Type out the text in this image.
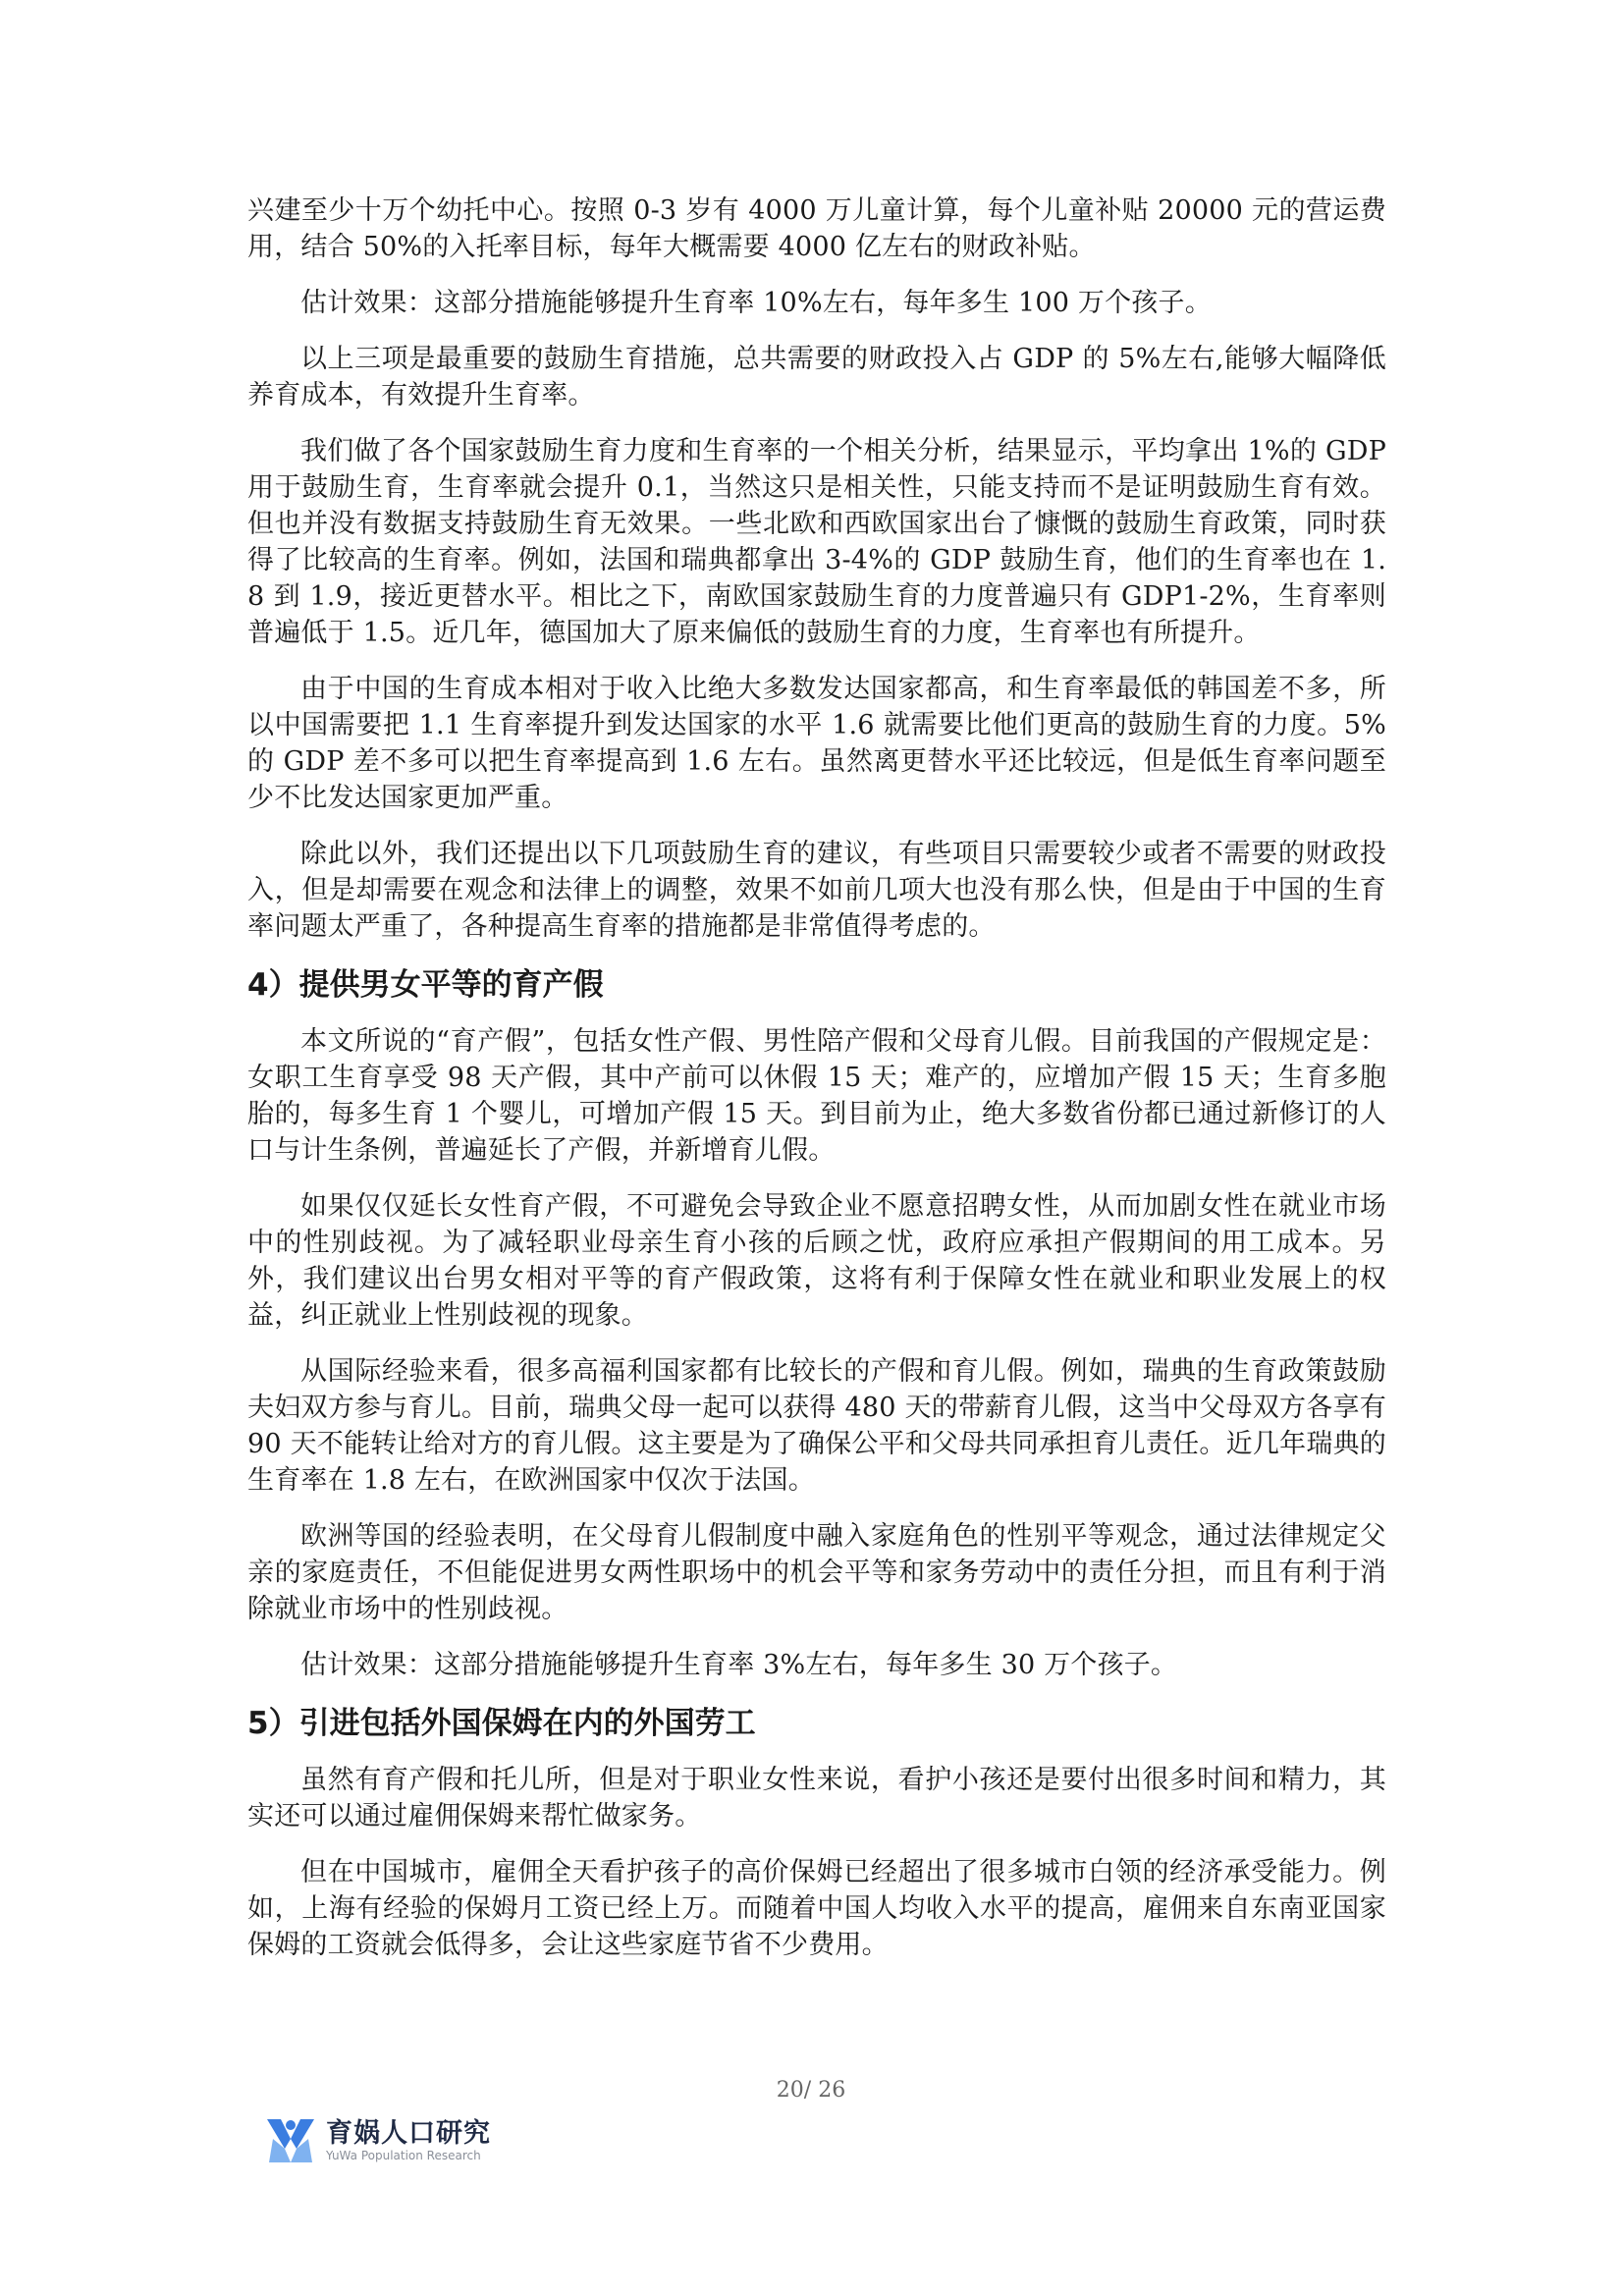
兴建至少十万个幼托中心。按照 0-3 岁有 4000 万儿童计算，每个儿童补贴 20000 元的营运费用，结合 50%的入托率目标，每年大概需要 4000 亿左右的财政补贴。

估计效果：这部分措施能够提升生育率 10%左右，每年多生 100 万个孩子。

以上三项是最重要的鼓励生育措施，总共需要的财政投入占 GDP 的 5%左右,能够大幅降低养育成本，有效提升生育率。

我们做了各个国家鼓励生育力度和生育率的一个相关分析，结果显示，平均拿出 1%的 GDP 用于鼓励生育，生育率就会提升 0.1，当然这只是相关性，只能支持而不是证明鼓励生育有效。但也并没有数据支持鼓励生育无效果。一些北欧和西欧国家出台了慷慨的鼓励生育政策，同时获得了比较高的生育率。例如，法国和瑞典都拿出 3-4%的 GDP 鼓励生育，他们的生育率也在 1.8 到 1.9，接近更替水平。相比之下，南欧国家鼓励生育的力度普遍只有 GDP1-2%，生育率则普遍低于 1.5。近几年，德国加大了原来偏低的鼓励生育的力度，生育率也有所提升。

由于中国的生育成本相对于收入比绝大多数发达国家都高，和生育率最低的韩国差不多，所以中国需要把 1.1 生育率提升到发达国家的水平 1.6 就需要比他们更高的鼓励生育的力度。5%的 GDP 差不多可以把生育率提高到 1.6 左右。虽然离更替水平还比较远，但是低生育率问题至少不比发达国家更加严重。

除此以外，我们还提出以下几项鼓励生育的建议，有些项目只需要较少或者不需要的财政投入，但是却需要在观念和法律上的调整，效果不如前几项大也没有那么快，但是由于中国的生育率问题太严重了，各种提高生育率的措施都是非常值得考虑的。

4）提供男女平等的育产假

本文所说的“育产假”，包括女性产假、男性陪产假和父母育儿假。目前我国的产假规定是：女职工生育享受 98 天产假，其中产前可以休假 15 天；难产的，应增加产假 15 天；生育多胞胎的，每多生育 1 个婴儿，可增加产假 15 天。到目前为止，绝大多数省份都已通过新修订的人口与计生条例，普遍延长了产假，并新增育儿假。

如果仅仅延长女性育产假，不可避免会导致企业不愿意招聘女性，从而加剧女性在就业市场中的性别歧视。为了减轻职业母亲生育小孩的后顾之忧，政府应承担产假期间的用工成本。另外，我们建议出台男女相对平等的育产假政策，这将有利于保障女性在就业和职业发展上的权益，纠正就业上性别歧视的现象。

从国际经验来看，很多高福利国家都有比较长的产假和育儿假。例如，瑞典的生育政策鼓励夫妇双方参与育儿。目前，瑞典父母一起可以获得 480 天的带薪育儿假，这当中父母双方各享有 90 天不能转让给对方的育儿假。这主要是为了确保公平和父母共同承担育儿责任。近几年瑞典的生育率在 1.8 左右，在欧洲国家中仅次于法国。

欧洲等国的经验表明，在父母育儿假制度中融入家庭角色的性别平等观念，通过法律规定父亲的家庭责任，不但能促进男女两性职场中的机会平等和家务劳动中的责任分担，而且有利于消除就业市场中的性别歧视。

估计效果：这部分措施能够提升生育率 3%左右，每年多生 30 万个孩子。

5）引进包括外国保姆在内的外国劳工

虽然有育产假和托儿所，但是对于职业女性来说，看护小孩还是要付出很多时间和精力，其实还可以通过雇佣保姆来帮忙做家务。

但在中国城市，雇佣全天看护孩子的高价保姆已经超出了很多城市白领的经济承受能力。例如，上海有经验的保姆月工资已经上万。而随着中国人均收入水平的提高，雇佣来自东南亚国家保姆的工资就会低得多，会让这些家庭节省不少费用。

20/ 26
育娲人口研究
YuWa Population Research
